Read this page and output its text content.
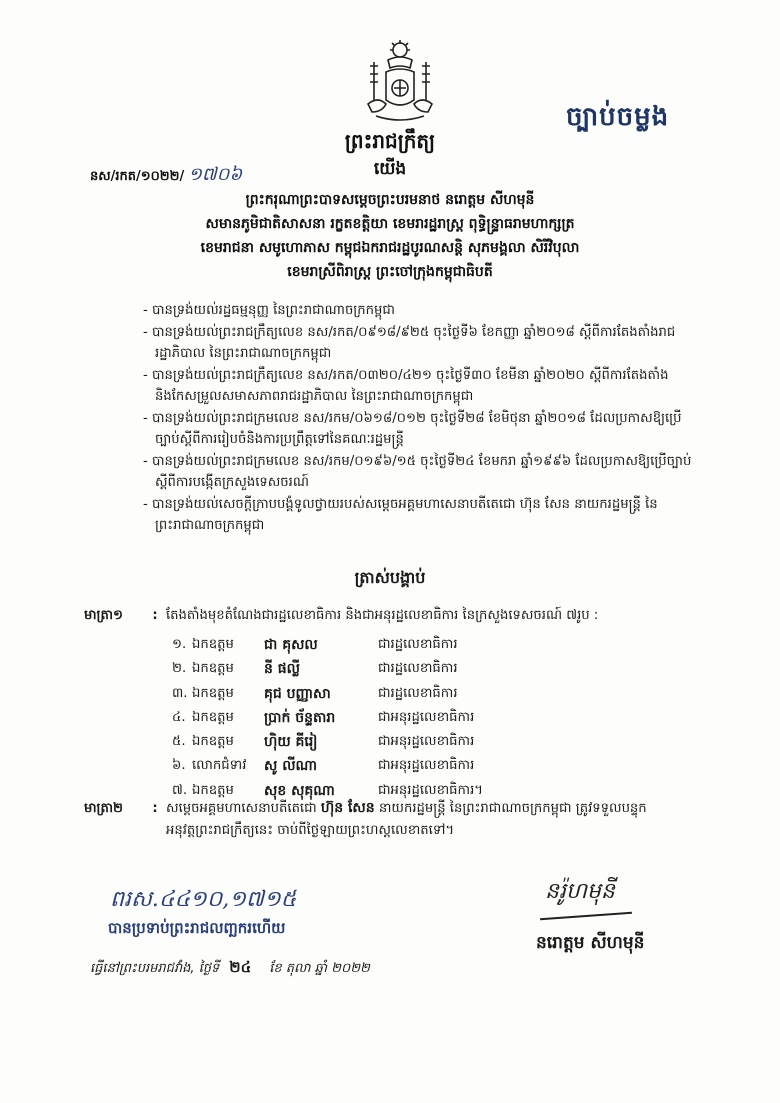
ច្បាប់ចម្លង
ព្រះរាជក្រឹត្យ
យើង
នស/រកត/១០២២/ ១៧០៦
ព្រះករុណាព្រះបាទសម្តេចព្រះបរមនាថ នរោត្តម សីហមុនី
សមានភូមិជាតិសាសនា រក្ខតខត្តិយា ខេមរារដ្ឋរាស្ត្រ ពុទ្ធិន្ទ្រាធរាមហាក្សត្រ
ខេមរាជនា សមូហោភាស កម្ពុជឯករាជរដ្ឋបូរណសន្តិ សុភមង្គលា សិរីវិបុលា
ខេមរាស្រីពិរាស្ត្រ ព្រះចៅក្រុងកម្ពុជាធិបតី
- បានទ្រង់យល់រដ្ឋធម្មនុញ្ញ នៃព្រះរាជាណាចក្រកម្ពុជា
- បានទ្រង់យល់ព្រះរាជក្រឹត្យលេខ នស/រកត/០៩១៨/៩២៥ ចុះថ្ងៃទី៦ ខែកញ្ញា ឆ្នាំ២០១៨ ស្តីពីការតែងតាំងរាជរដ្ឋាភិបាល នៃព្រះរាជាណាចក្រកម្ពុជា
- បានទ្រង់យល់ព្រះរាជក្រឹត្យលេខ នស/រកត/០៣២០/៤២១ ចុះថ្ងៃទី៣០ ខែមីនា ឆ្នាំ២០២០ ស្តីពីការតែងតាំងនិងកែសម្រួលសមាសភាពរាជរដ្ឋាភិបាល នៃព្រះរាជាណាចក្រកម្ពុជា
- បានទ្រង់យល់ព្រះរាជក្រមលេខ នស/រកម/០៦១៨/០១២ ចុះថ្ងៃទី២៨ ខែមិថុនា ឆ្នាំ២០១៨ ដែលប្រកាសឱ្យប្រើច្បាប់ស្តីពីការរៀបចំនិងការប្រព្រឹត្តទៅនៃគណៈរដ្ឋមន្ត្រី
- បានទ្រង់យល់ព្រះរាជក្រមលេខ នស/រកម/០១៩៦/១៥ ចុះថ្ងៃទី២៤ ខែមករា ឆ្នាំ១៩៩៦ ដែលប្រកាសឱ្យប្រើច្បាប់ស្តីពីការបង្កើតក្រសួងទេសចរណ៍
- បានទ្រង់យល់សេចក្តីក្រាបបង្គំទូលថ្វាយរបស់សម្តេចអគ្គមហាសេនាបតីតេជោ ហ៊ុន សែន នាយករដ្ឋមន្ត្រី នៃព្រះរាជាណាចក្រកម្ពុជា
ត្រាស់បង្គាប់
មាត្រា១ : តែងតាំងមុខតំណែងជារដ្ឋលេខាធិការ និងជាអនុរដ្ឋលេខាធិការ នៃក្រសួងទេសចរណ៍ ៧រូប :
១. ឯកឧត្តម	ជា គុសល	ជារដ្ឋលេខាធិការ
២. ឯកឧត្តម	នី ផល្លី	ជារដ្ឋលេខាធិការ
៣. ឯកឧត្តម	គុជ បញ្ញាសា	ជារដ្ឋលេខាធិការ
៤. ឯកឧត្តម	ប្រាក់ ច័ន្ទតារា	ជាអនុរដ្ឋលេខាធិការ
៥. ឯកឧត្តម	ហ៊ិយ គីរៀ	ជាអនុរដ្ឋលេខាធិការ
៦. លោកជំទាវ	សូ លីណា	ជាអនុរដ្ឋលេខាធិការ
៧. ឯកឧត្តម	សុខ សុគុណា	ជាអនុរដ្ឋលេខាធិការ។
មាត្រា២ : សម្តេចអគ្គមហាសេនាបតីតេជោ ហ៊ុន សែន នាយករដ្ឋមន្ត្រី នៃព្រះរាជាណាចក្រកម្ពុជា ត្រូវទទួលបន្ទុក
អនុវត្តព្រះរាជក្រឹត្យនេះ ចាប់ពីថ្ងៃឡាយព្រះហស្តលេខាតទៅ។
ពរស.៤៤១០,១៧១៥
បានប្រទាប់ព្រះរាជលញ្ឆករហើយ
ធ្វើនៅព្រះបរមរាជវាំង, ថ្ងៃទី ២៤ ខែ តុលា ឆ្នាំ ២០២២
នរ៉ូហមុនី
នរោត្តម សីហមុនី
